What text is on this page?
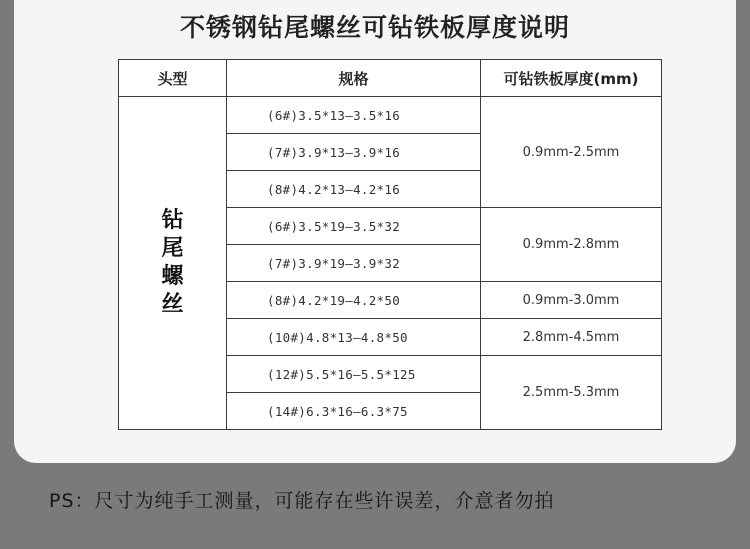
不锈钢钻尾螺丝可钻铁板厚度说明
头型	规格	可钻铁板厚度(mm)

钻
尾
螺
丝	(6#)3.5*13—3.5*16	0.9mm-2.5mm
	(7#)3.9*13—3.9*16	
	(8#)4.2*13—4.2*16	
	(6#)3.5*19—3.5*32	0.9mm-2.8mm
	(7#)3.9*19—3.9*32	
	(8#)4.2*19—4.2*50	0.9mm-3.0mm
	(10#)4.8*13—4.8*50	2.8mm-4.5mm
	(12#)5.5*16—5.5*125	2.5mm-5.3mm
	(14#)6.3*16—6.3*75	
PS：尺寸为纯手工测量，可能存在些许误差，介意者勿拍
